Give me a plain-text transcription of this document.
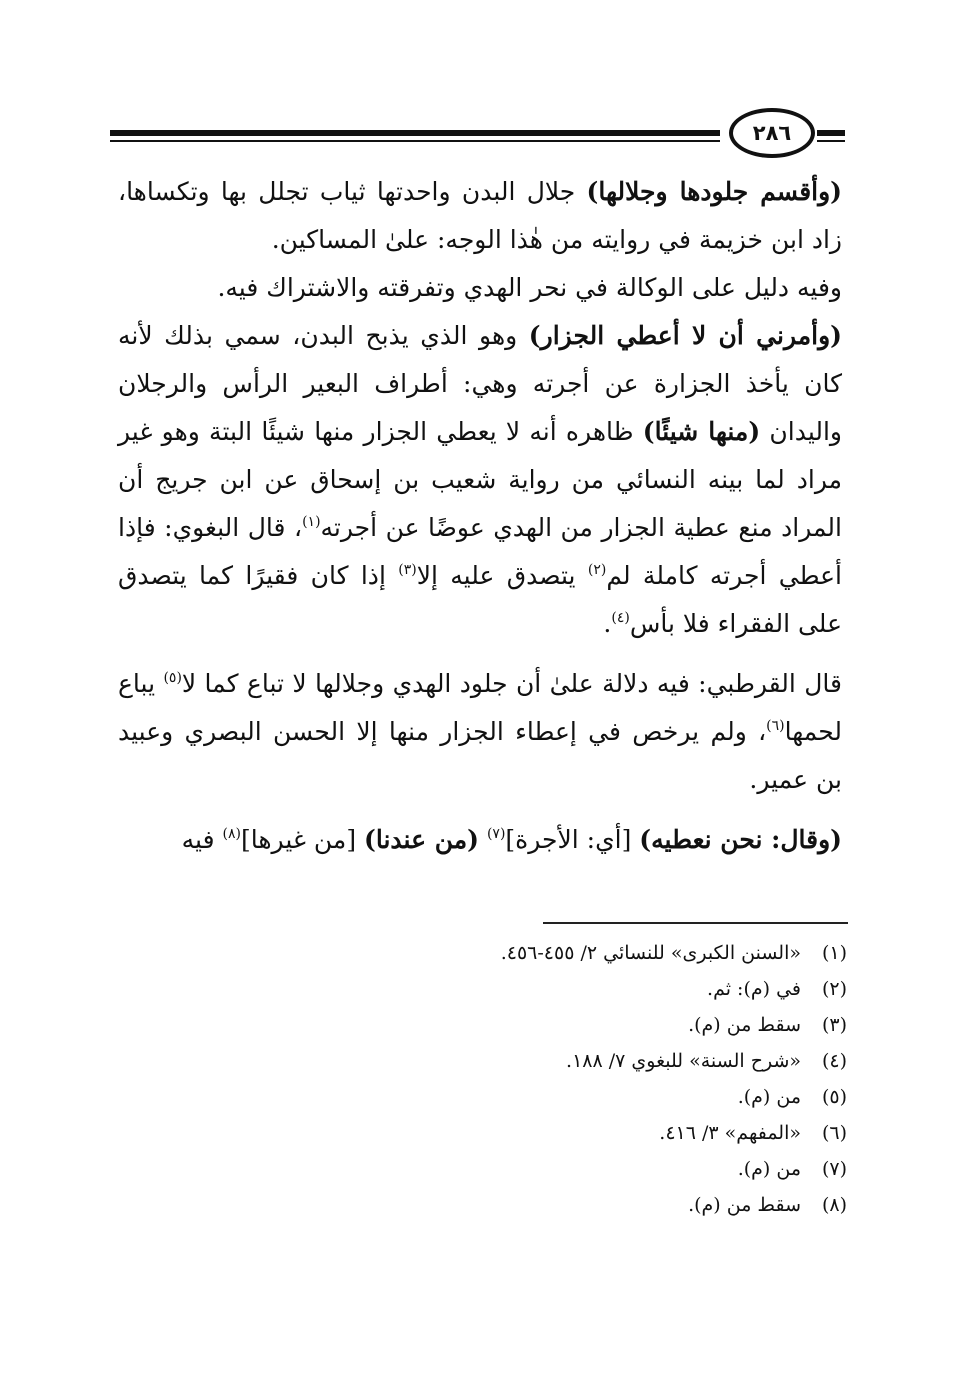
٢٨٦

(وأقسم جلودها وجلالها) جلال البدن واحدتها ثياب تجلل بها وتكساها، زاد ابن خزيمة في روايته من هٰذا الوجه: علىٰ المساكين.

وفيه دليل على الوكالة في نحر الهدي وتفرقته والاشتراك فيه.

(وأمرني أن لا أعطي الجزار) وهو الذي يذبح البدن، سمي بذلك لأنه كان يأخذ الجزارة عن أجرته وهي: أطراف البعير الرأس والرجلان واليدان (منها شيئًا) ظاهره أنه لا يعطي الجزار منها شيئًا البتة وهو غير مراد لما بينه النسائي من رواية شعيب بن إسحاق عن ابن جريج أن المراد منع عطية الجزار من الهدي عوضًا عن أجرته$^{(١)}$، قال البغوي: فإذا أعطي أجرته كاملة لم$^{(٢)}$ يتصدق عليه إلا$^{(٣)}$ إذا كان فقيرًا كما يتصدق على الفقراء فلا بأس$^{(٤)}$.

قال القرطبي: فيه دلالة علىٰ أن جلود الهدي وجلالها لا تباع كما لا$^{(٥)}$ يباع لحمها$^{(٦)}$، ولم يرخص في إعطاء الجزار منها إلا الحسن البصري وعبيد بن عمير.

(وقال: نحن نعطيه) [أي: الأجرة]$^{(٧)}$ (من عندنا) [من غيرها]$^{(٨)}$ فيه

(١)«السنن الكبرى» للنسائي ٢/ ٤٥٥-٤٥٦.

(٢)في (م): ثم.

(٣)سقط من (م).

(٤)«شرح السنة» للبغوي ٧/ ١٨٨.

(٥)من (م).

(٦)«المفهم» ٣/ ٤١٦.

(٧)من (م).

(٨)سقط من (م).
